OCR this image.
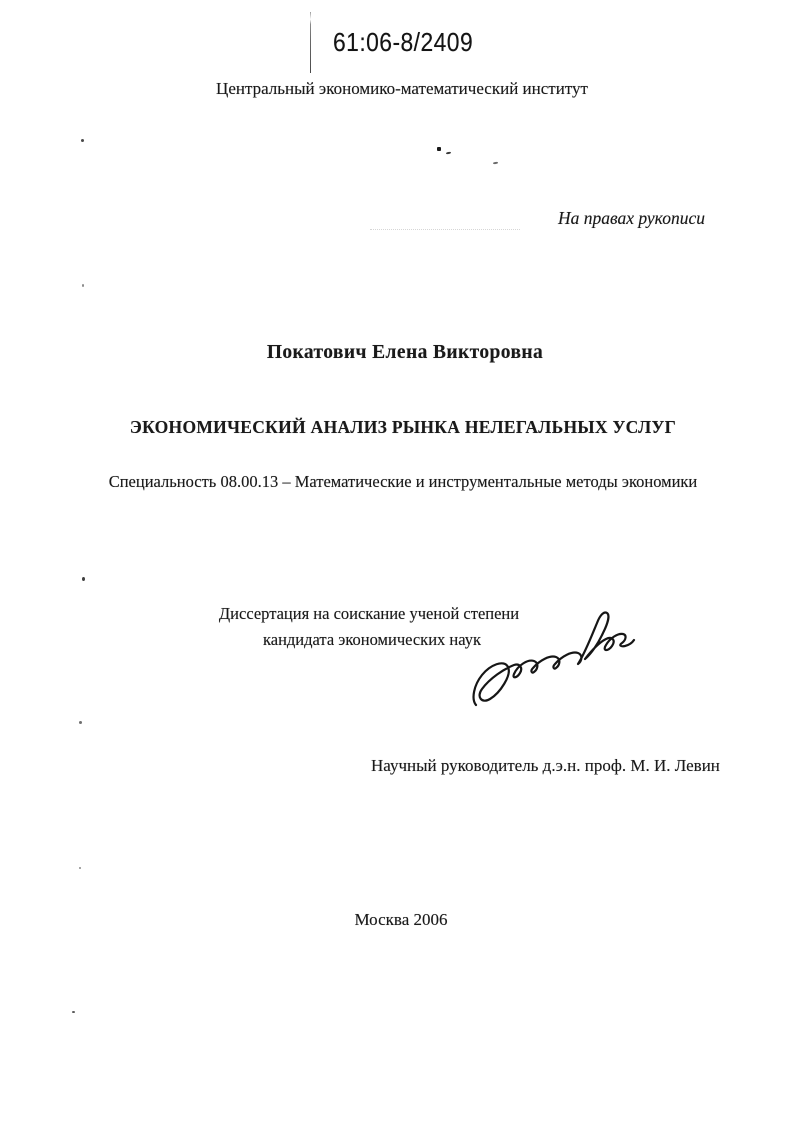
61:06-8/2409
Центральный экономико-математический институт
На правах рукописи
Покатович Елена Викторовна
ЭКОНОМИЧЕСКИЙ АНАЛИЗ РЫНКА НЕЛЕГАЛЬНЫХ УСЛУГ
Специальность 08.00.13 – Математические и инструментальные методы экономики
Диссертация на соискание ученой степени
кандидата экономических наук
Научный руководитель д.э.н. проф. М. И. Левин
Москва 2006
